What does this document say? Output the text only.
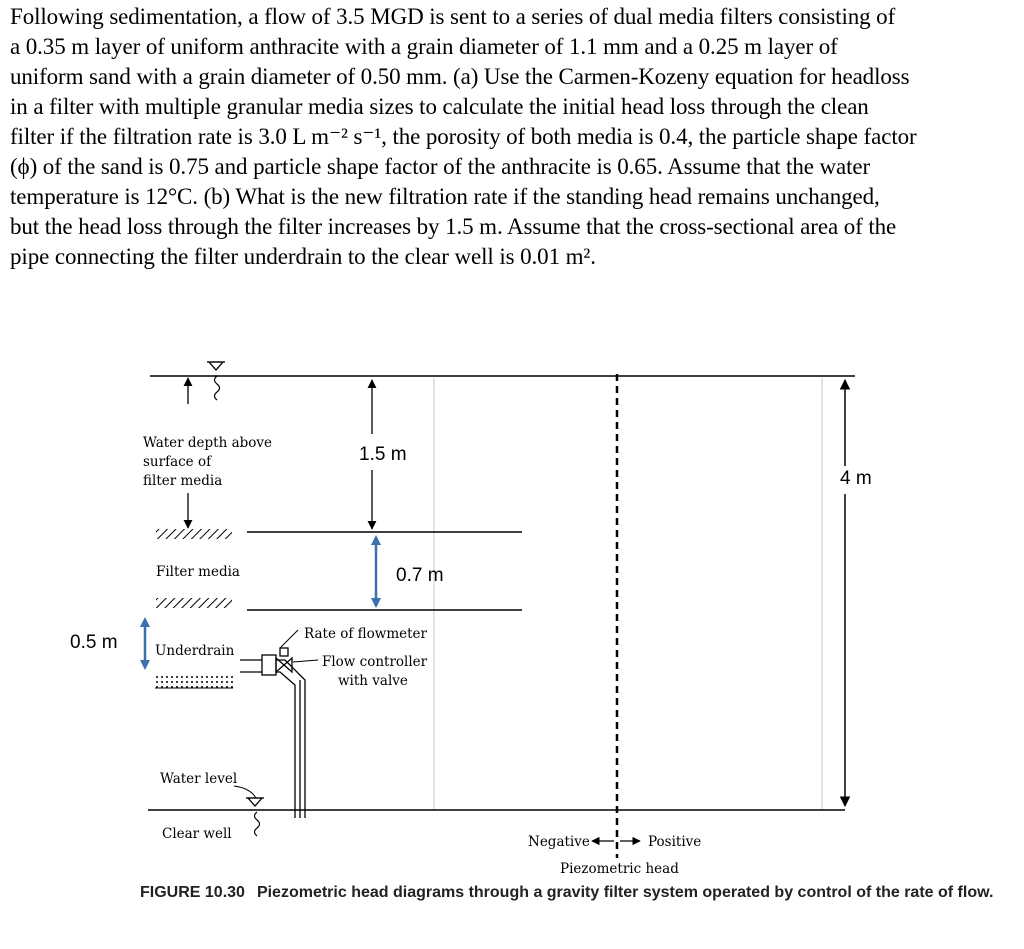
Following sedimentation, a flow of 3.5 MGD is sent to a series of dual media filters consisting of
a 0.35 m layer of uniform anthracite with a grain diameter of 1.1 mm and a 0.25 m layer of
uniform sand with a grain diameter of 0.50 mm. (a) Use the Carmen-Kozeny equation for headloss
in a filter with multiple granular media sizes to calculate the initial head loss through the clean
filter if the filtration rate is 3.0 L m⁻² s⁻¹, the porosity of both media is 0.4, the particle shape factor
(ϕ) of the sand is 0.75 and particle shape factor of the anthracite is 0.65. Assume that the water
temperature is 12°C. (b) What is the new filtration rate if the standing head remains unchanged,
but the head loss through the filter increases by 1.5 m. Assume that the cross-sectional area of the
pipe connecting the filter underdrain to the clear well is 0.01 m².
Water depth above
surface of
filter media
1.5 m
Filter media	0.7 m
0.5 m	Underdrain
Rate of flowmeter
Flow controller
with valve
Water level
Clear well
4 m
Negative	Positive
Piezometric head
FIGURE 10.30 Piezometric head diagrams through a gravity filter system operated by control of the rate of flow.
